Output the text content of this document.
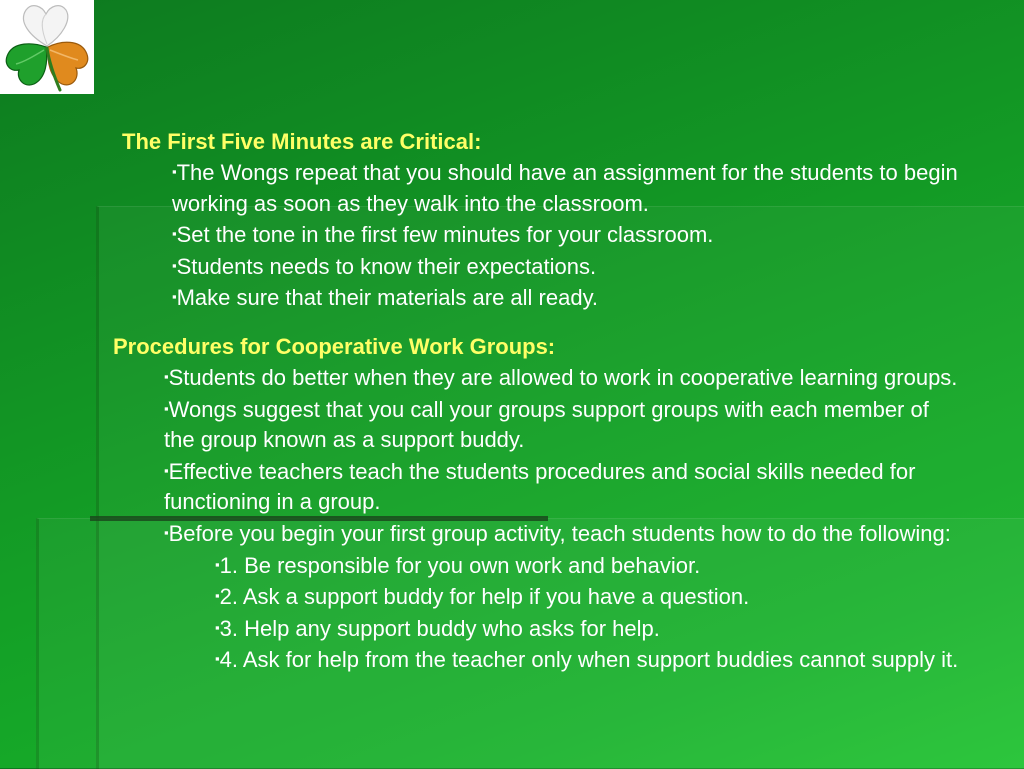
The First Five Minutes are Critical:

▪The Wongs repeat that you should have an assignment for the students to begin working as soon as they walk into the classroom.

▪Set the tone in the first few minutes for your classroom.

▪Students needs to know their expectations.

▪Make sure that their materials are all ready.

Procedures for Cooperative Work Groups:

▪Students do better when they are allowed to work in cooperative learning groups.

▪Wongs suggest that you call your groups support groups with each member of the group known as a support buddy.

▪Effective teachers teach the students procedures and social skills needed for functioning in a group.

▪Before you begin your first group activity, teach students how to do the following:

▪1. Be responsible for you own work and behavior.

▪2. Ask a support buddy for help if you have a question.

▪3. Help any support buddy who asks for help.

▪4. Ask for help from the teacher only when support buddies cannot supply it.
